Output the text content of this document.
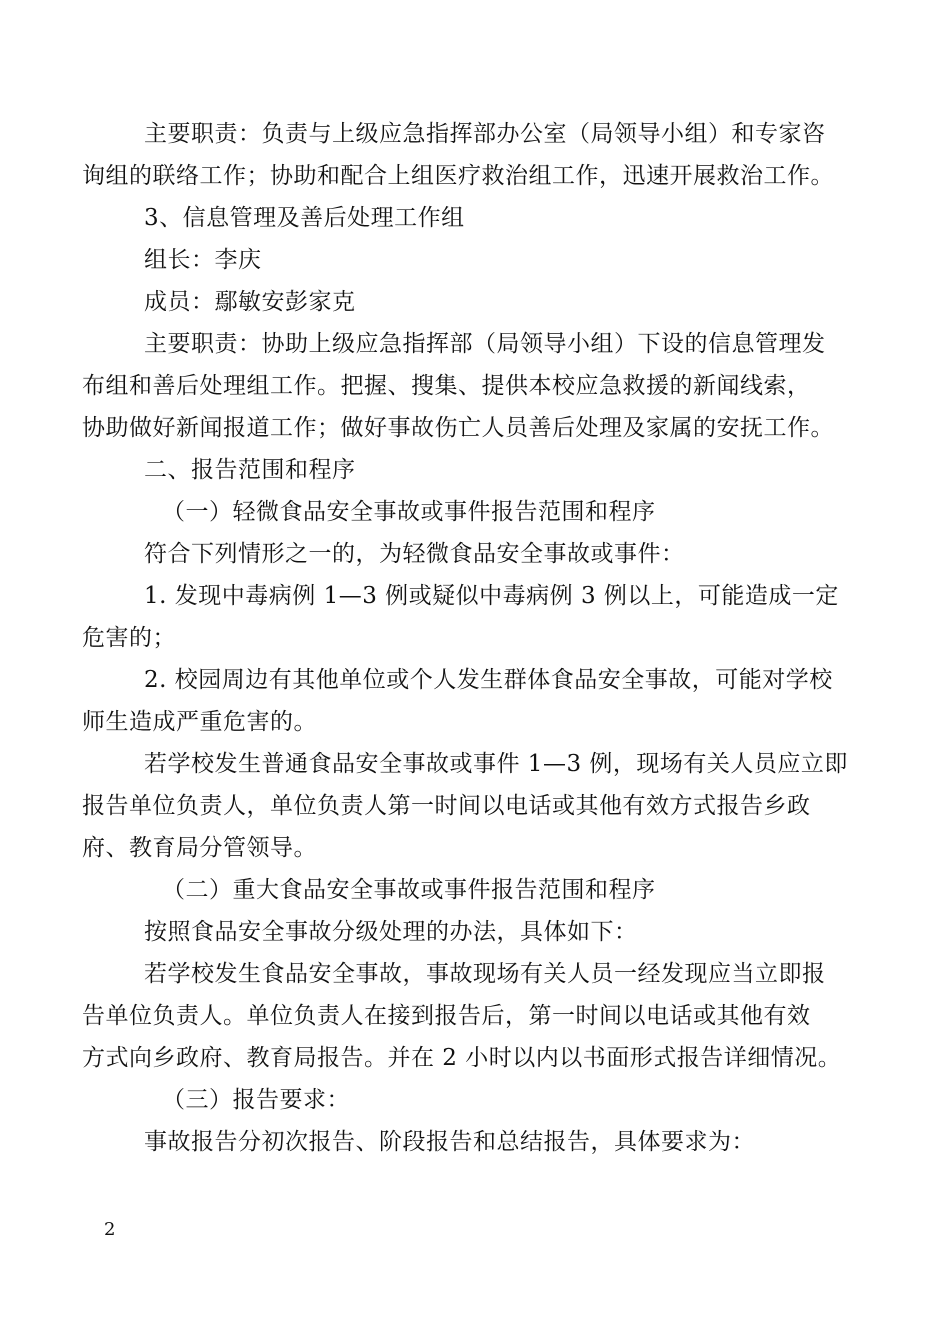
主要职责：负责与上级应急指挥部办公室（局领导小组）和专家咨
询组的联络工作；协助和配合上组医疗救治组工作，迅速开展救治工作。
3、信息管理及善后处理工作组
组长：李庆
成员：鄢敏安彭家克
主要职责：协助上级应急指挥部（局领导小组）下设的信息管理发
布组和善后处理组工作。把握、搜集、提供本校应急救援的新闻线索，
协助做好新闻报道工作；做好事故伤亡人员善后处理及家属的安抚工作。
二、报告范围和程序
（一）轻微食品安全事故或事件报告范围和程序
符合下列情形之一的，为轻微食品安全事故或事件：
1. 发现中毒病例 1—3 例或疑似中毒病例 3 例以上，可能造成一定
危害的；
2. 校园周边有其他单位或个人发生群体食品安全事故，可能对学校
师生造成严重危害的。
若学校发生普通食品安全事故或事件 1—3 例，现场有关人员应立即
报告单位负责人，单位负责人第一时间以电话或其他有效方式报告乡政
府、教育局分管领导。
（二）重大食品安全事故或事件报告范围和程序
按照食品安全事故分级处理的办法，具体如下：
若学校发生食品安全事故，事故现场有关人员一经发现应当立即报
告单位负责人。单位负责人在接到报告后，第一时间以电话或其他有效
方式向乡政府、教育局报告。并在 2 小时以内以书面形式报告详细情况。
（三）报告要求：
事故报告分初次报告、阶段报告和总结报告，具体要求为：
2
